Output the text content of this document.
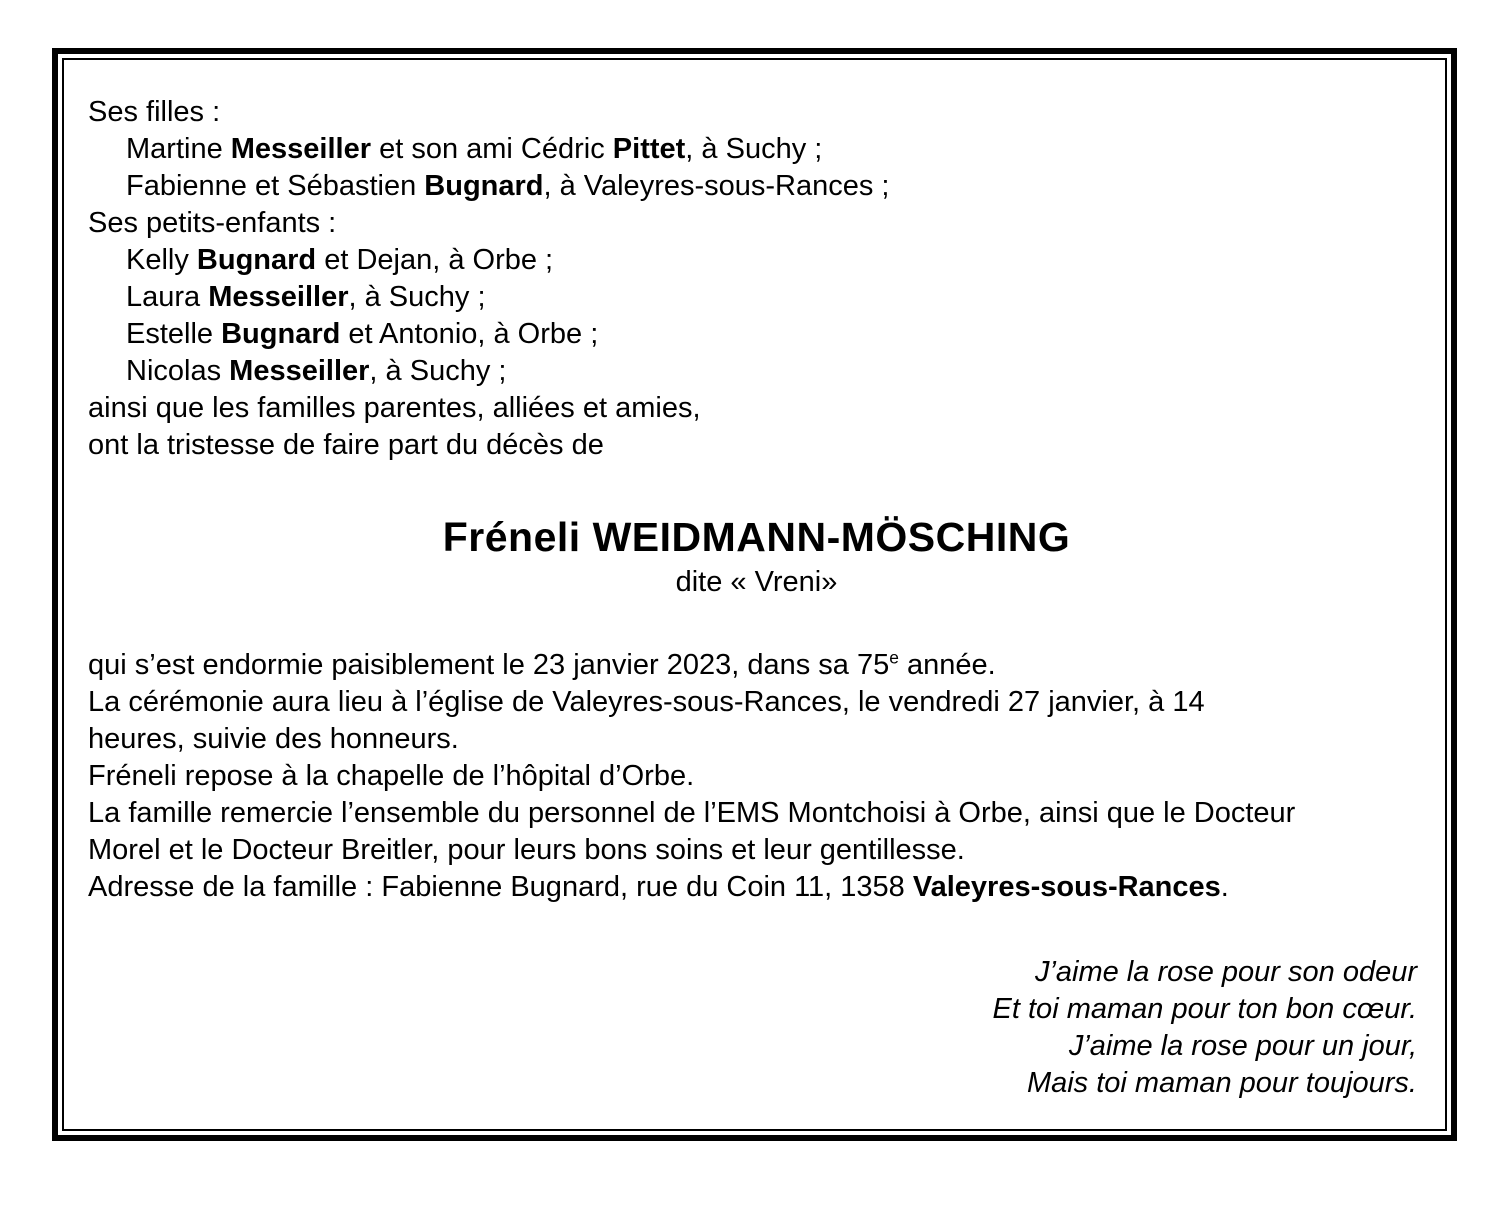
Ses filles :
Martine Messeiller et son ami Cédric Pittet, à Suchy ;
Fabienne et Sébastien Bugnard, à Valeyres-sous-Rances ;
Ses petits-enfants :
Kelly Bugnard et Dejan, à Orbe ;
Laura Messeiller, à Suchy ;
Estelle Bugnard et Antonio, à Orbe ;
Nicolas Messeiller, à Suchy ;
ainsi que les familles parentes, alliées et amies,
ont la tristesse de faire part du décès de
Fréneli WEIDMANN-MÖSCHING
dite « Vreni»
qui s’est endormie paisiblement le 23 janvier 2023, dans sa 75e année.
La cérémonie aura lieu à l’église de Valeyres-sous-Rances, le vendredi 27 janvier, à 14
heures, suivie des honneurs.
Fréneli repose à la chapelle de l’hôpital d’Orbe.
La famille remercie l’ensemble du personnel de l’EMS Montchoisi à Orbe, ainsi que le Docteur
Morel et le Docteur Breitler, pour leurs bons soins et leur gentillesse.
Adresse de la famille : Fabienne Bugnard, rue du Coin 11, 1358 Valeyres-sous-Rances.
J’aime la rose pour son odeur
Et toi maman pour ton bon cœur.
J’aime la rose pour un jour,
Mais toi maman pour toujours.
